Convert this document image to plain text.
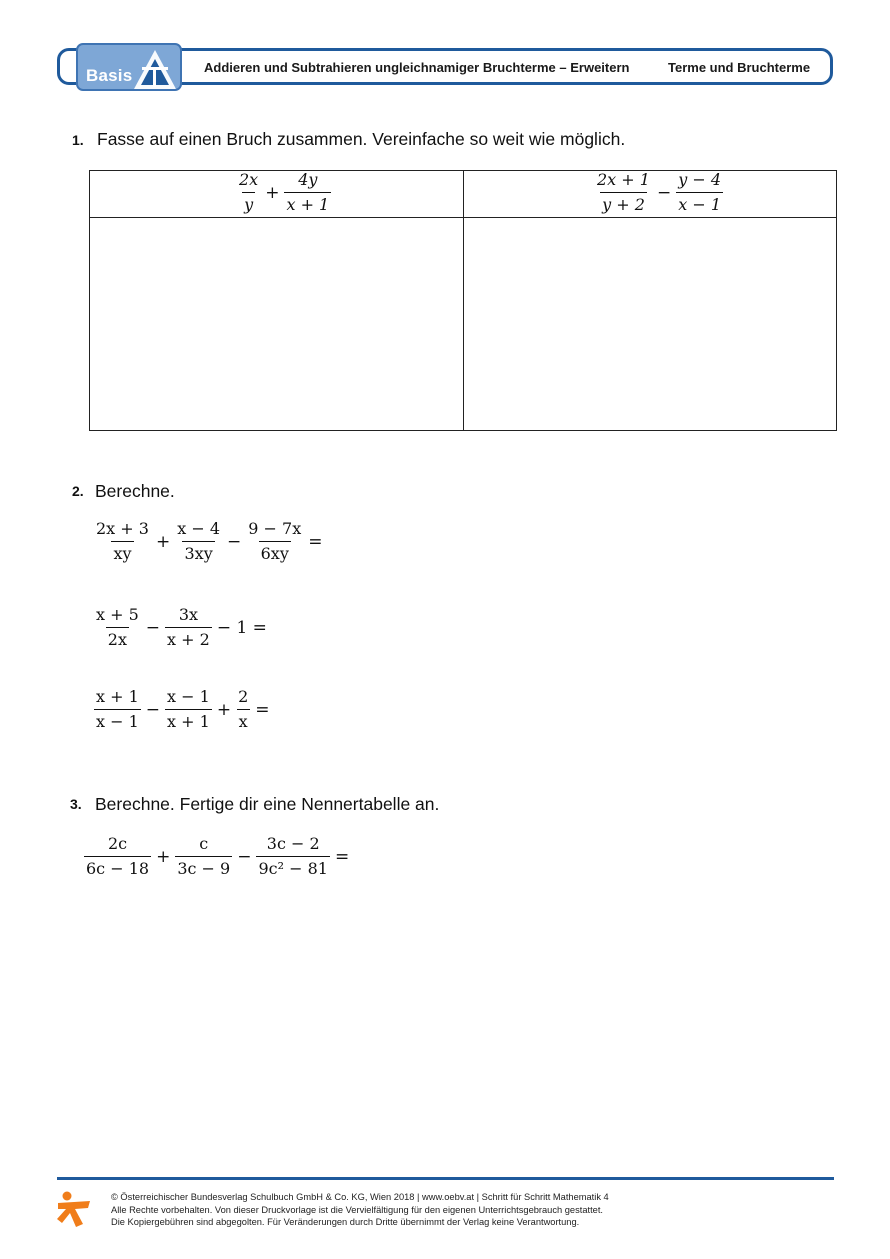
Basis	Addieren und Subtrahieren ungleichnamiger Bruchterme – Erweitern	Terme und Bruchterme
1. Fasse auf einen Bruch zusammen. Vereinfache so weit wie möglich.
$\frac{2x}{y} + \frac{4y}{x + 1}$	$\frac{2x + 1}{y + 2} - \frac{y - 4}{x - 1}$
2. Berechne.
$\frac{2x + 3}{xy} + \frac{x - 4}{3xy} - \frac{9 - 7x}{6xy}$ =
$\frac{x + 5}{2x} - \frac{3x}{x + 2} - 1$ =
$\frac{x + 1}{x - 1} - \frac{x - 1}{x + 1} + \frac{2}{x}$ =
3. Berechne. Fertige dir eine Nennertabelle an.
$\frac{2c}{6c - 18} + \frac{c}{3c - 9} - \frac{3c - 2}{\text{9c² − 81}}$ =
© Österreichischer Bundesverlag Schulbuch GmbH & Co. KG, Wien 2018 | www.oebv.at | Schritt für Schritt Mathematik 4
Alle Rechte vorbehalten. Von dieser Druckvorlage ist die Vervielfältigung für den eigenen Unterrichtsgebrauch gestattet.
Die Kopiergebühren sind abgegolten. Für Veränderungen durch Dritte übernimmt der Verlag keine Verantwortung.
